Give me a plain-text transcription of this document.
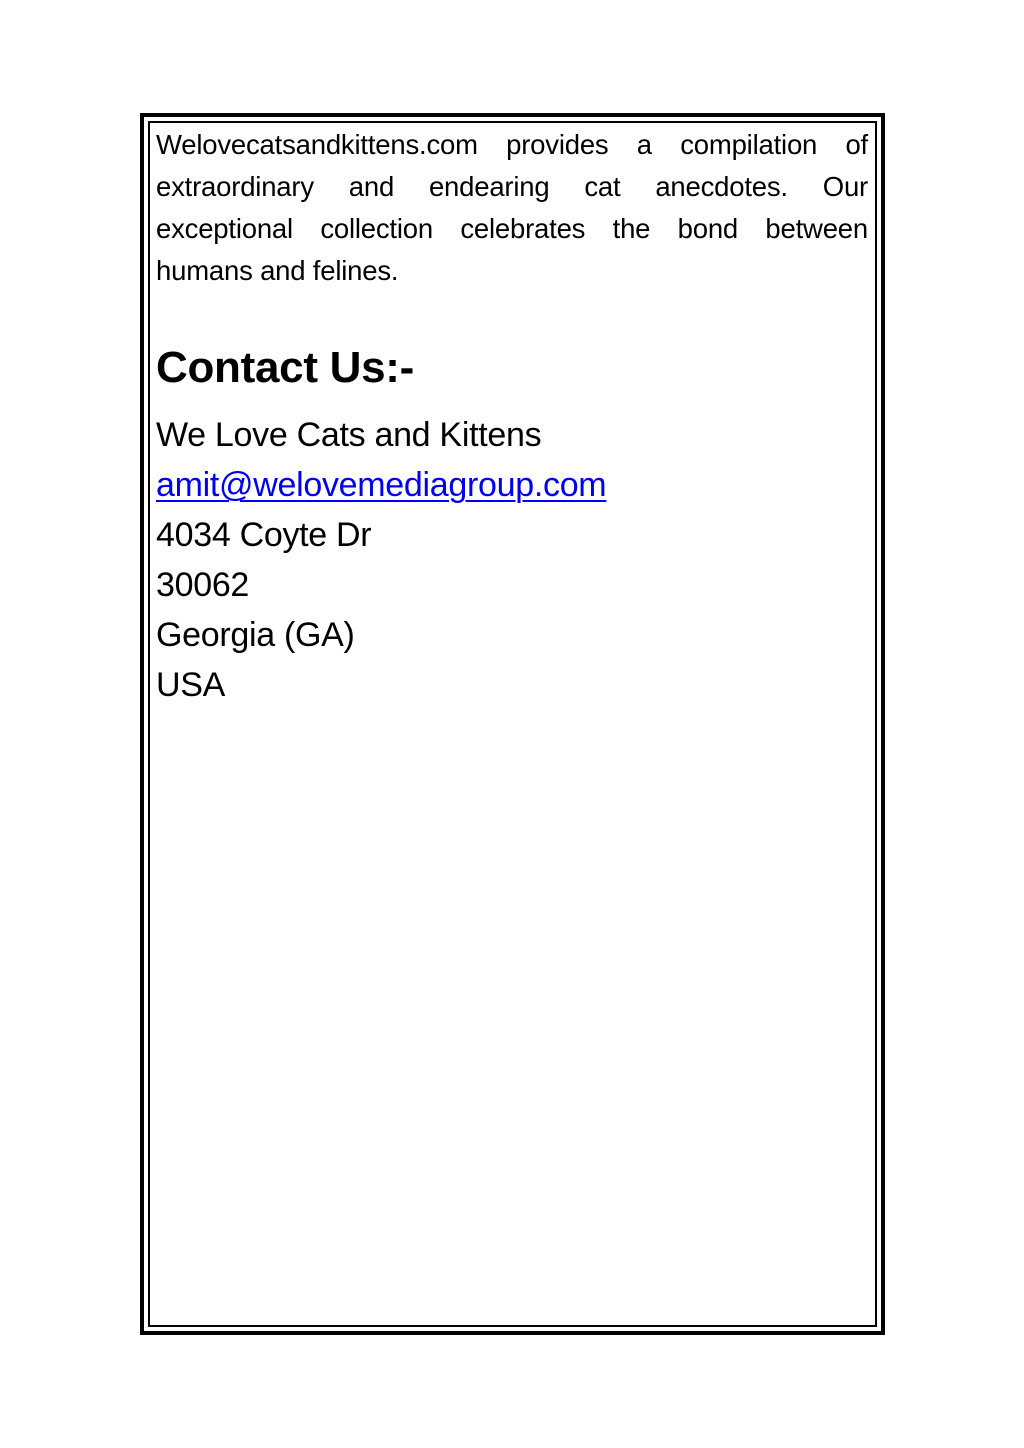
Welovecatsandkittens.com provides a compilation of extraordinary and endearing cat anecdotes. Our exceptional collection celebrates the bond between humans and felines.

Contact Us:-
We Love Cats and Kittens
amit@welovemediagroup.com
4034 Coyte Dr
30062
Georgia (GA)
USA
